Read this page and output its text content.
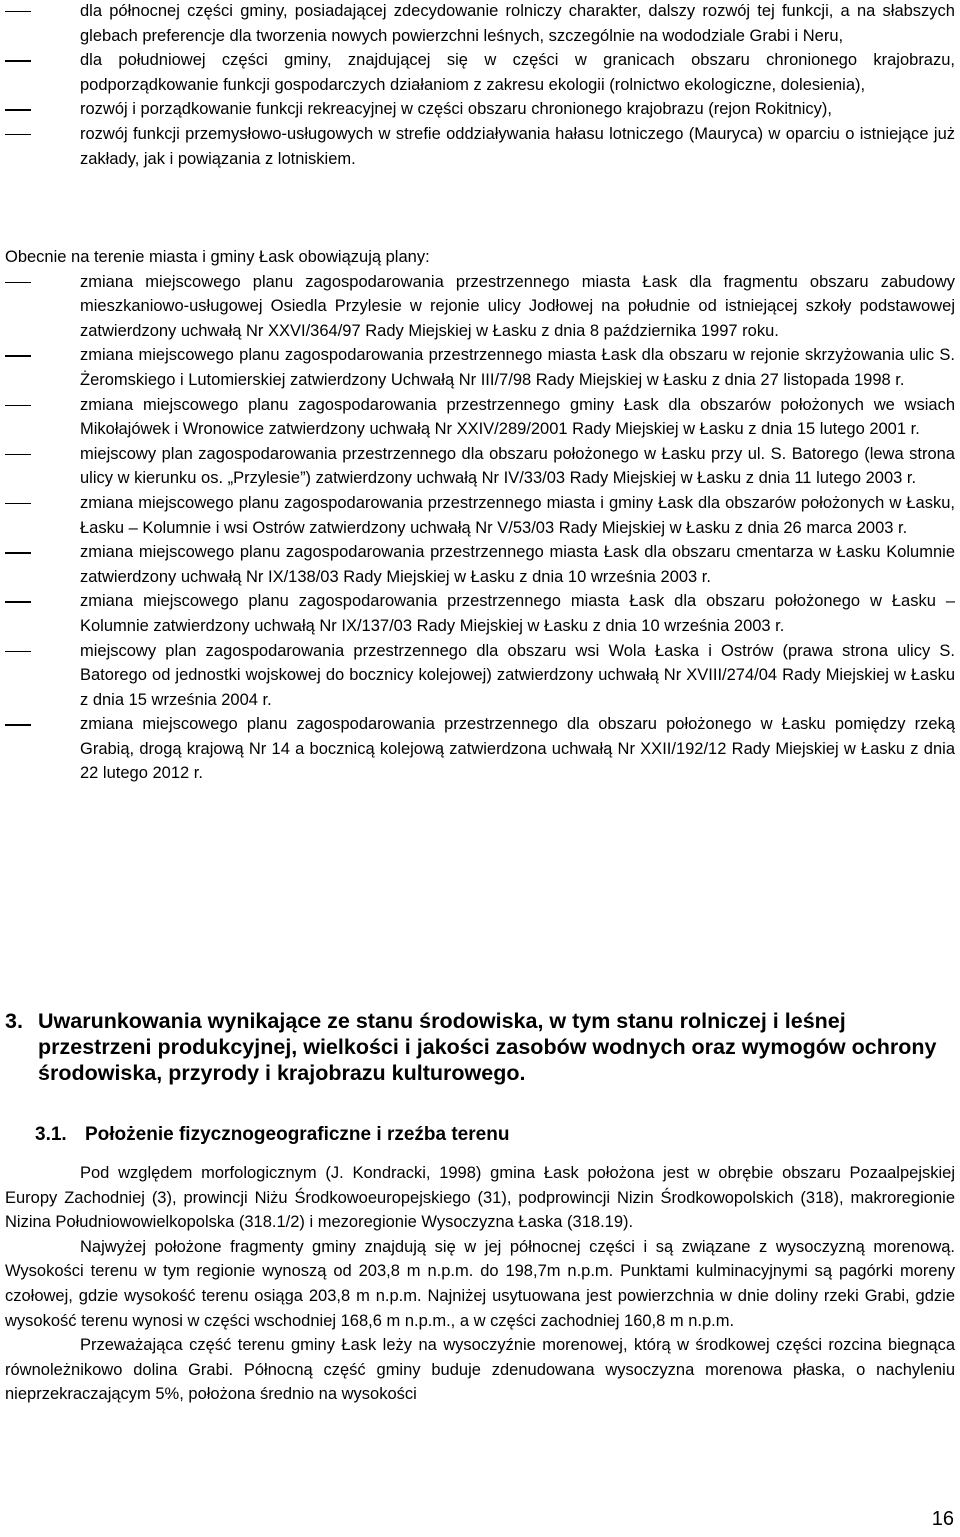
dla północnej części gminy, posiadającej zdecydowanie rolniczy charakter, dalszy rozwój tej funkcji, a na słabszych glebach preferencje dla tworzenia nowych powierzchni leśnych, szczególnie na wododziale Grabi i Neru,
dla południowej części gminy, znajdującej się w części w granicach obszaru chronionego krajobrazu, podporządkowanie funkcji gospodarczych działaniom z zakresu ekologii (rolnictwo ekologiczne, dolesienia),
rozwój i porządkowanie funkcji rekreacyjnej w części obszaru chronionego krajobrazu (rejon Rokitnicy),
rozwój funkcji przemysłowo-usługowych w strefie oddziaływania hałasu lotniczego (Mauryca) w oparciu o istniejące już zakłady, jak i powiązania z lotniskiem.

Obecnie na terenie miasta i gminy Łask obowiązują plany:

zmiana miejscowego planu zagospodarowania przestrzennego miasta Łask dla fragmentu obszaru zabudowy mieszkaniowo-usługowej Osiedla Przylesie w rejonie ulicy Jodłowej na południe od istniejącej szkoły podstawowej zatwierdzony uchwałą Nr XXVI/364/97 Rady Miejskiej w Łasku z dnia 8 października 1997 roku.
zmiana miejscowego planu zagospodarowania przestrzennego miasta Łask dla obszaru w rejonie skrzyżowania ulic S. Żeromskiego i Lutomierskiej zatwierdzony Uchwałą Nr III/7/98 Rady Miejskiej w Łasku z dnia 27 listopada 1998 r.
zmiana miejscowego planu zagospodarowania przestrzennego gminy Łask dla obszarów położonych we wsiach Mikołajówek i Wronowice zatwierdzony uchwałą Nr XXIV/289/2001 Rady Miejskiej w Łasku z dnia 15 lutego 2001 r.
miejscowy plan zagospodarowania przestrzennego dla obszaru położonego w Łasku przy ul. S. Batorego (lewa strona ulicy w kierunku os. „Przylesie”) zatwierdzony uchwałą Nr IV/33/03 Rady Miejskiej w Łasku z dnia 11 lutego 2003 r.
zmiana miejscowego planu zagospodarowania przestrzennego miasta i gminy Łask dla obszarów położonych w Łasku, Łasku – Kolumnie i wsi Ostrów zatwierdzony uchwałą Nr V/53/03 Rady Miejskiej w Łasku z dnia 26 marca 2003 r.
zmiana miejscowego planu zagospodarowania przestrzennego miasta Łask dla obszaru cmentarza w Łasku Kolumnie zatwierdzony uchwałą Nr IX/138/03 Rady Miejskiej w Łasku z dnia 10 września 2003 r.
zmiana miejscowego planu zagospodarowania przestrzennego miasta Łask dla obszaru położonego w Łasku – Kolumnie zatwierdzony uchwałą Nr IX/137/03 Rady Miejskiej w Łasku z dnia 10 września 2003 r.
miejscowy plan zagospodarowania przestrzennego dla obszaru wsi Wola Łaska i Ostrów (prawa strona ulicy S. Batorego od jednostki wojskowej do bocznicy kolejowej) zatwierdzony uchwałą Nr XVIII/274/04 Rady Miejskiej w Łasku z dnia 15 września 2004 r.
zmiana miejscowego planu zagospodarowania przestrzennego dla obszaru położonego w Łasku pomiędzy rzeką Grabią, drogą krajową Nr 14 a bocznicą kolejową zatwierdzona uchwałą Nr XXII/192/12 Rady Miejskiej w Łasku z dnia 22 lutego 2012 r.
3. Uwarunkowania wynikające ze stanu środowiska, w tym stanu rolniczej i leśnej przestrzeni produkcyjnej, wielkości i jakości zasobów wodnych oraz wymogów ochrony środowiska, przyrody i krajobrazu kulturowego.
3.1. Położenie fizycznogeograficzne i rzeźba terenu

Pod względem morfologicznym (J. Kondracki, 1998) gmina Łask położona jest w obrębie obszaru Pozaalpejskiej Europy Zachodniej (3), prowincji Niżu Środkowoeuropejskiego (31), podprowincji Nizin Środkowopolskich (318), makroregionie Nizina Południowowielkopolska (318.1/2) i mezoregionie Wysoczyzna Łaska (318.19).

Najwyżej położone fragmenty gminy znajdują się w jej północnej części i są związane z wysoczyzną morenową. Wysokości terenu w tym regionie wynoszą od 203,8 m n.p.m. do 198,7m n.p.m. Punktami kulminacyjnymi są pagórki moreny czołowej, gdzie wysokość terenu osiąga 203,8 m n.p.m. Najniżej usytuowana jest powierzchnia w dnie doliny rzeki Grabi, gdzie wysokość terenu wynosi w części wschodniej 168,6 m n.p.m., a w części zachodniej 160,8 m n.p.m.

Przeważająca część terenu gminy Łask leży na wysoczyźnie morenowej, którą w środkowej części rozcina biegnąca równoleżnikowo dolina Grabi. Północną część gminy buduje zdenudowana wysoczyzna morenowa płaska, o nachyleniu nieprzekraczającym 5%, położona średnio na wysokości

16
